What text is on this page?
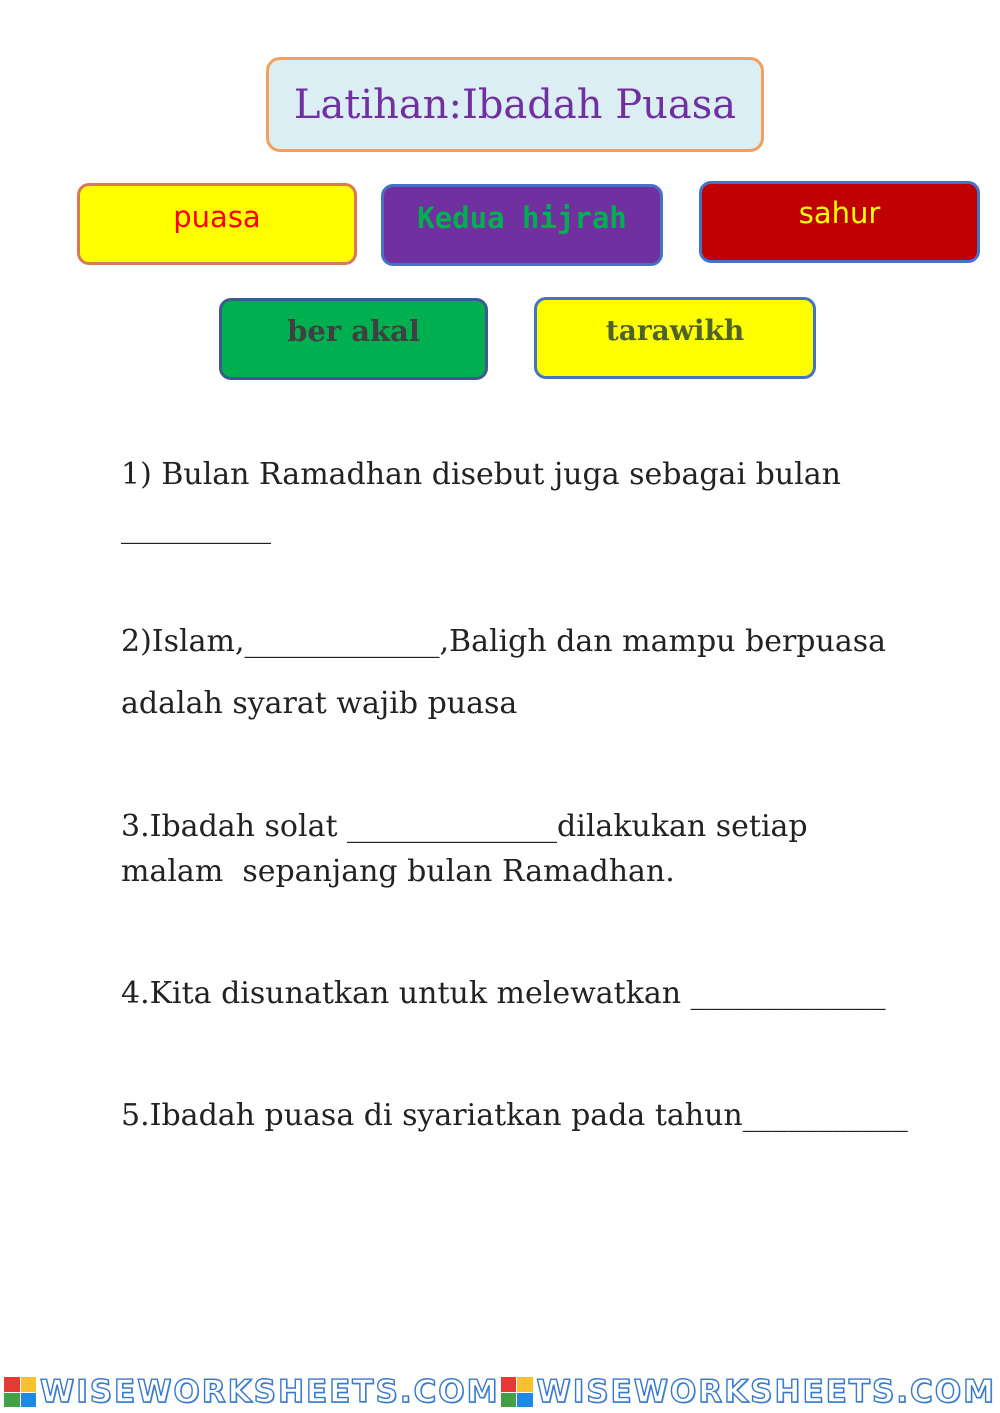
Latihan:Ibadah Puasa
puasa	Kedua hijrah	sahur
ber akal	tarawikh
1) Bulan Ramadhan disebut juga sebagai bulan
__________
2)Islam,_____________,Baligh dan mampu berpuasa
adalah syarat wajib puasa
3.Ibadah solat ______________dilakukan setiap
malam  sepanjang bulan Ramadhan.
4.Kita disunatkan untuk melewatkan _____________
5.Ibadah puasa di syariatkan pada tahun___________
WISEWORKSHEETS.COM WISEWORKSHEETS.COM
